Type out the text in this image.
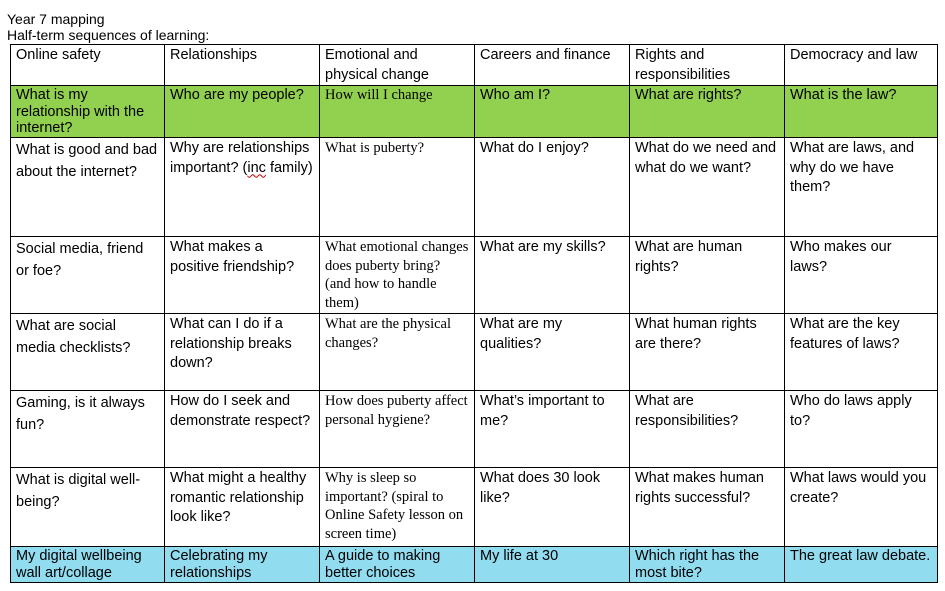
Year 7 mapping
Half-term sequences of learning:
Online safety	Relationships	Emotional and physical change	Careers and finance	Rights and responsibilities	Democracy and law
What is my relationship with the internet?	Who are my people?	How will I change	Who am I?	What are rights?	What is the law?
What is good and bad about the internet?	Why are relationships important? (inc family)	What is puberty?	What do I enjoy?	What do we need and what do we want?	What are laws, and why do we have them?
Social media, friend or foe?	What makes a positive friendship?	What emotional changes does puberty bring? (and how to handle them)	What are my skills?	What are human rights?	Who makes our laws?
What are social media checklists?	What can I do if a relationship breaks down?	What are the physical changes?	What are my qualities?	What human rights are there?	What are the key features of laws?
Gaming, is it always fun?	How do I seek and demonstrate respect?	How does puberty affect personal hygiene?	What’s important to me?	What are responsibilities?	Who do laws apply to?
What is digital well-being?	What might a healthy romantic relationship look like?	Why is sleep so important? (spiral to Online Safety lesson on screen time)	What does 30 look like?	What makes human rights successful?	What laws would you create?
My digital wellbeing wall art/collage	Celebrating my relationships	A guide to making better choices	My life at 30	Which right has the most bite?	The great law debate.
